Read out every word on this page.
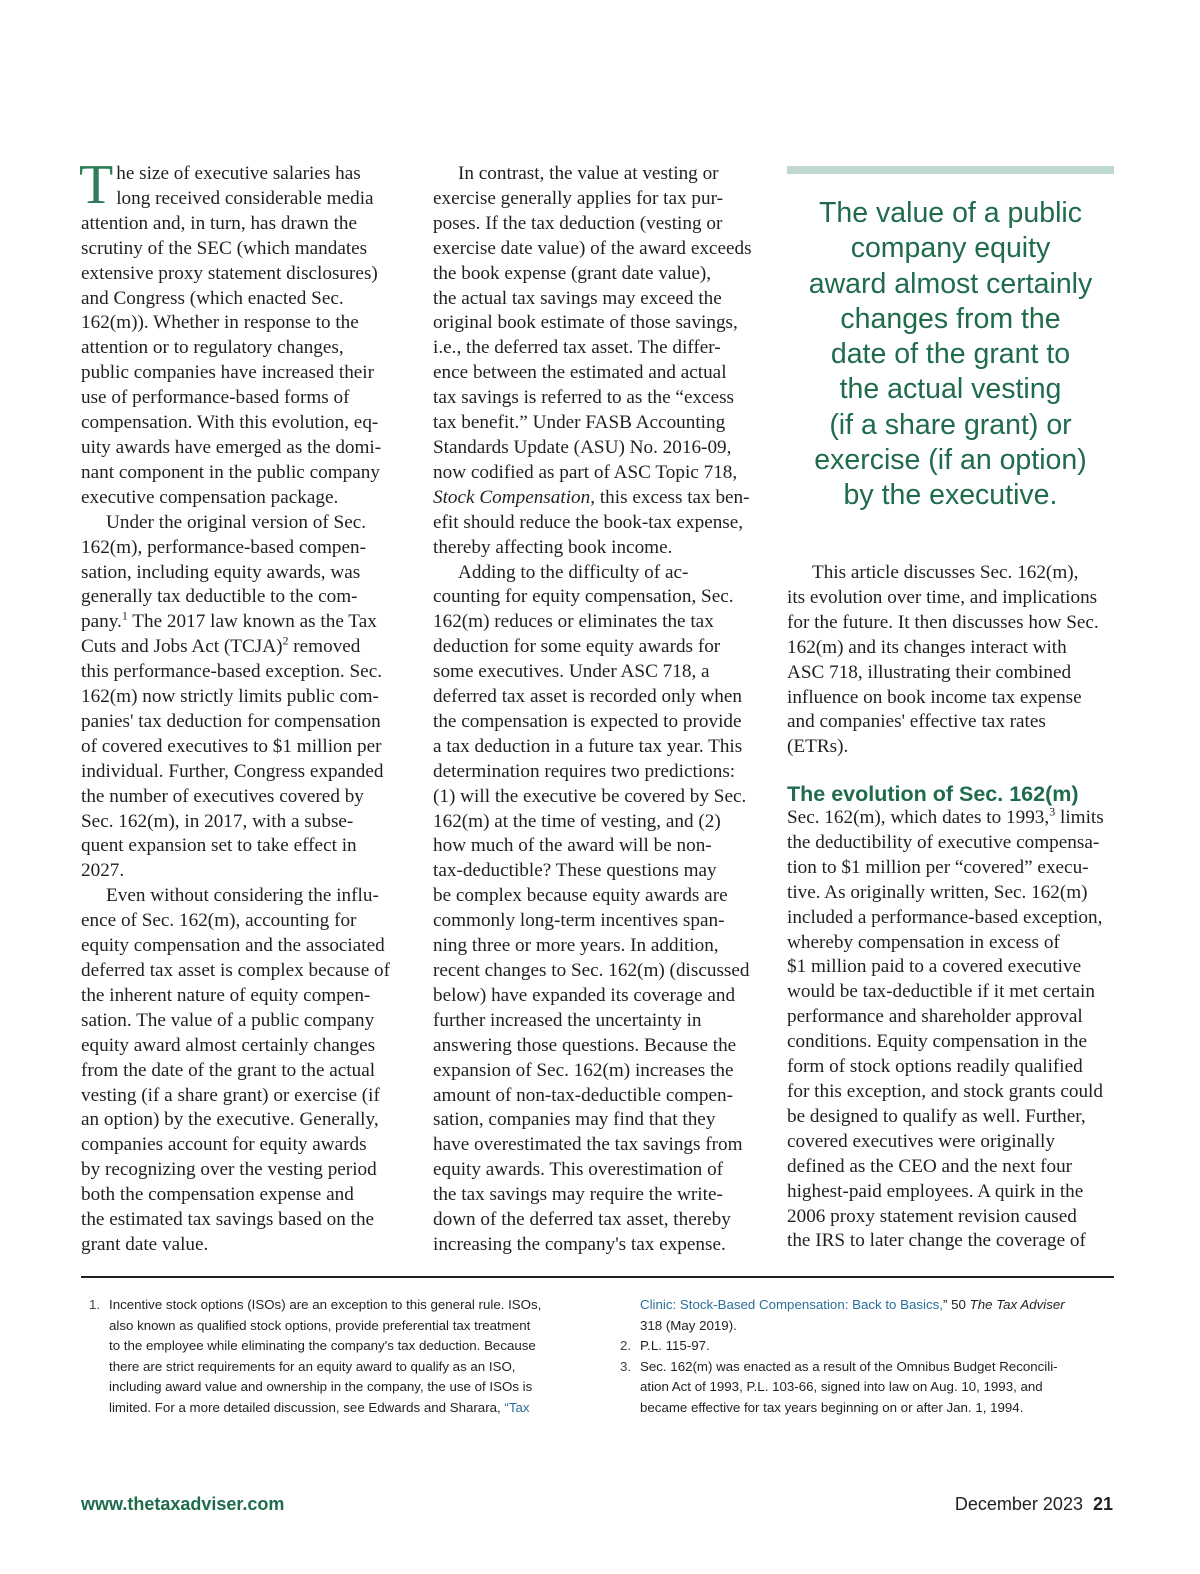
T he size of executive salaries has
long received considerable media
attention and, in turn, has drawn the
scrutiny of the SEC (which mandates
extensive proxy statement disclosures)
and Congress (which enacted Sec.
162(m)). Whether in response to the
attention or to regulatory changes,
public companies have increased their
use of performance-based forms of
compensation. With this evolution, eq-
uity awards have emerged as the domi-
nant component in the public company
executive compensation package.
Under the original version of Sec.
162(m), performance-based compen-
sation, including equity awards, was
generally tax deductible to the com-
pany.$^1$ The 2017 law known as the Tax
Cuts and Jobs Act (TCJA)$^2$ removed
this performance-based exception. Sec.
162(m) now strictly limits public com-
panies' tax deduction for compensation
of covered executives to $1 million per
individual. Further, Congress expanded
the number of executives covered by
Sec. 162(m), in 2017, with a subse-
quent expansion set to take effect in
2027.
Even without considering the influ-
ence of Sec. 162(m), accounting for
equity compensation and the associated
deferred tax asset is complex because of
the inherent nature of equity compen-
sation. The value of a public company
equity award almost certainly changes
from the date of the grant to the actual
vesting (if a share grant) or exercise (if
an option) by the executive. Generally,
companies account for equity awards
by recognizing over the vesting period
both the compensation expense and
the estimated tax savings based on the
grant date value.
In contrast, the value at vesting or
exercise generally applies for tax pur-
poses. If the tax deduction (vesting or
exercise date value) of the award exceeds
the book expense (grant date value),
the actual tax savings may exceed the
original book estimate of those savings,
i.e., the deferred tax asset. The differ-
ence between the estimated and actual
tax savings is referred to as the “excess
tax benefit.” Under FASB Accounting
Standards Update (ASU) No. 2016-09,
now codified as part of ASC Topic 718,
Stock Compensation, this excess tax ben-
efit should reduce the book-tax expense,
thereby affecting book income.
Adding to the difficulty of ac-
counting for equity compensation, Sec.
162(m) reduces or eliminates the tax
deduction for some equity awards for
some executives. Under ASC 718, a
deferred tax asset is recorded only when
the compensation is expected to provide
a tax deduction in a future tax year. This
determination requires two predictions:
(1) will the executive be covered by Sec.
162(m) at the time of vesting, and (2)
how much of the award will be non-
tax-deductible? These questions may
be complex because equity awards are
commonly long-term incentives span-
ning three or more years. In addition,
recent changes to Sec. 162(m) (discussed
below) have expanded its coverage and
further increased the uncertainty in
answering those questions. Because the
expansion of Sec. 162(m) increases the
amount of non-tax-deductible compen-
sation, companies may find that they
have overestimated the tax savings from
equity awards. This overestimation of
the tax savings may require the write-
down of the deferred tax asset, thereby
increasing the company's tax expense.
The value of a public
company equity
award almost certainly
changes from the
date of the grant to
the actual vesting
(if a share grant) or
exercise (if an option)
by the executive.
This article discusses Sec. 162(m),
its evolution over time, and implications
for the future. It then discusses how Sec.
162(m) and its changes interact with
ASC 718, illustrating their combined
influence on book income tax expense
and companies' effective tax rates
(ETRs).
The evolution of Sec. 162(m)
Sec. 162(m), which dates to 1993,$^3$ limits
the deductibility of executive compensa-
tion to $1 million per “covered” execu-
tive. As originally written, Sec. 162(m)
included a performance-based exception,
whereby compensation in excess of
$1 million paid to a covered executive
would be tax-deductible if it met certain
performance and shareholder approval
conditions. Equity compensation in the
form of stock options readily qualified
for this exception, and stock grants could
be designed to qualify as well. Further,
covered executives were originally
defined as the CEO and the next four
highest-paid employees. A quirk in the
2006 proxy statement revision caused
the IRS to later change the coverage of
1. Incentive stock options (ISOs) are an exception to this general rule. ISOs,
also known as qualified stock options, provide preferential tax treatment
to the employee while eliminating the company's tax deduction. Because
there are strict requirements for an equity award to qualify as an ISO,
including award value and ownership in the company, the use of ISOs is
limited. For a more detailed discussion, see Edwards and Sharara, “Tax
Clinic: Stock-Based Compensation: Back to Basics,” 50 The Tax Adviser
318 (May 2019).
2. P.L. 115-97.
3. Sec. 162(m) was enacted as a result of the Omnibus Budget Reconcili-
ation Act of 1993, P.L. 103-66, signed into law on Aug. 10, 1993, and
became effective for tax years beginning on or after Jan. 1, 1994.
www.thetaxadviser.com	December 2023 21
